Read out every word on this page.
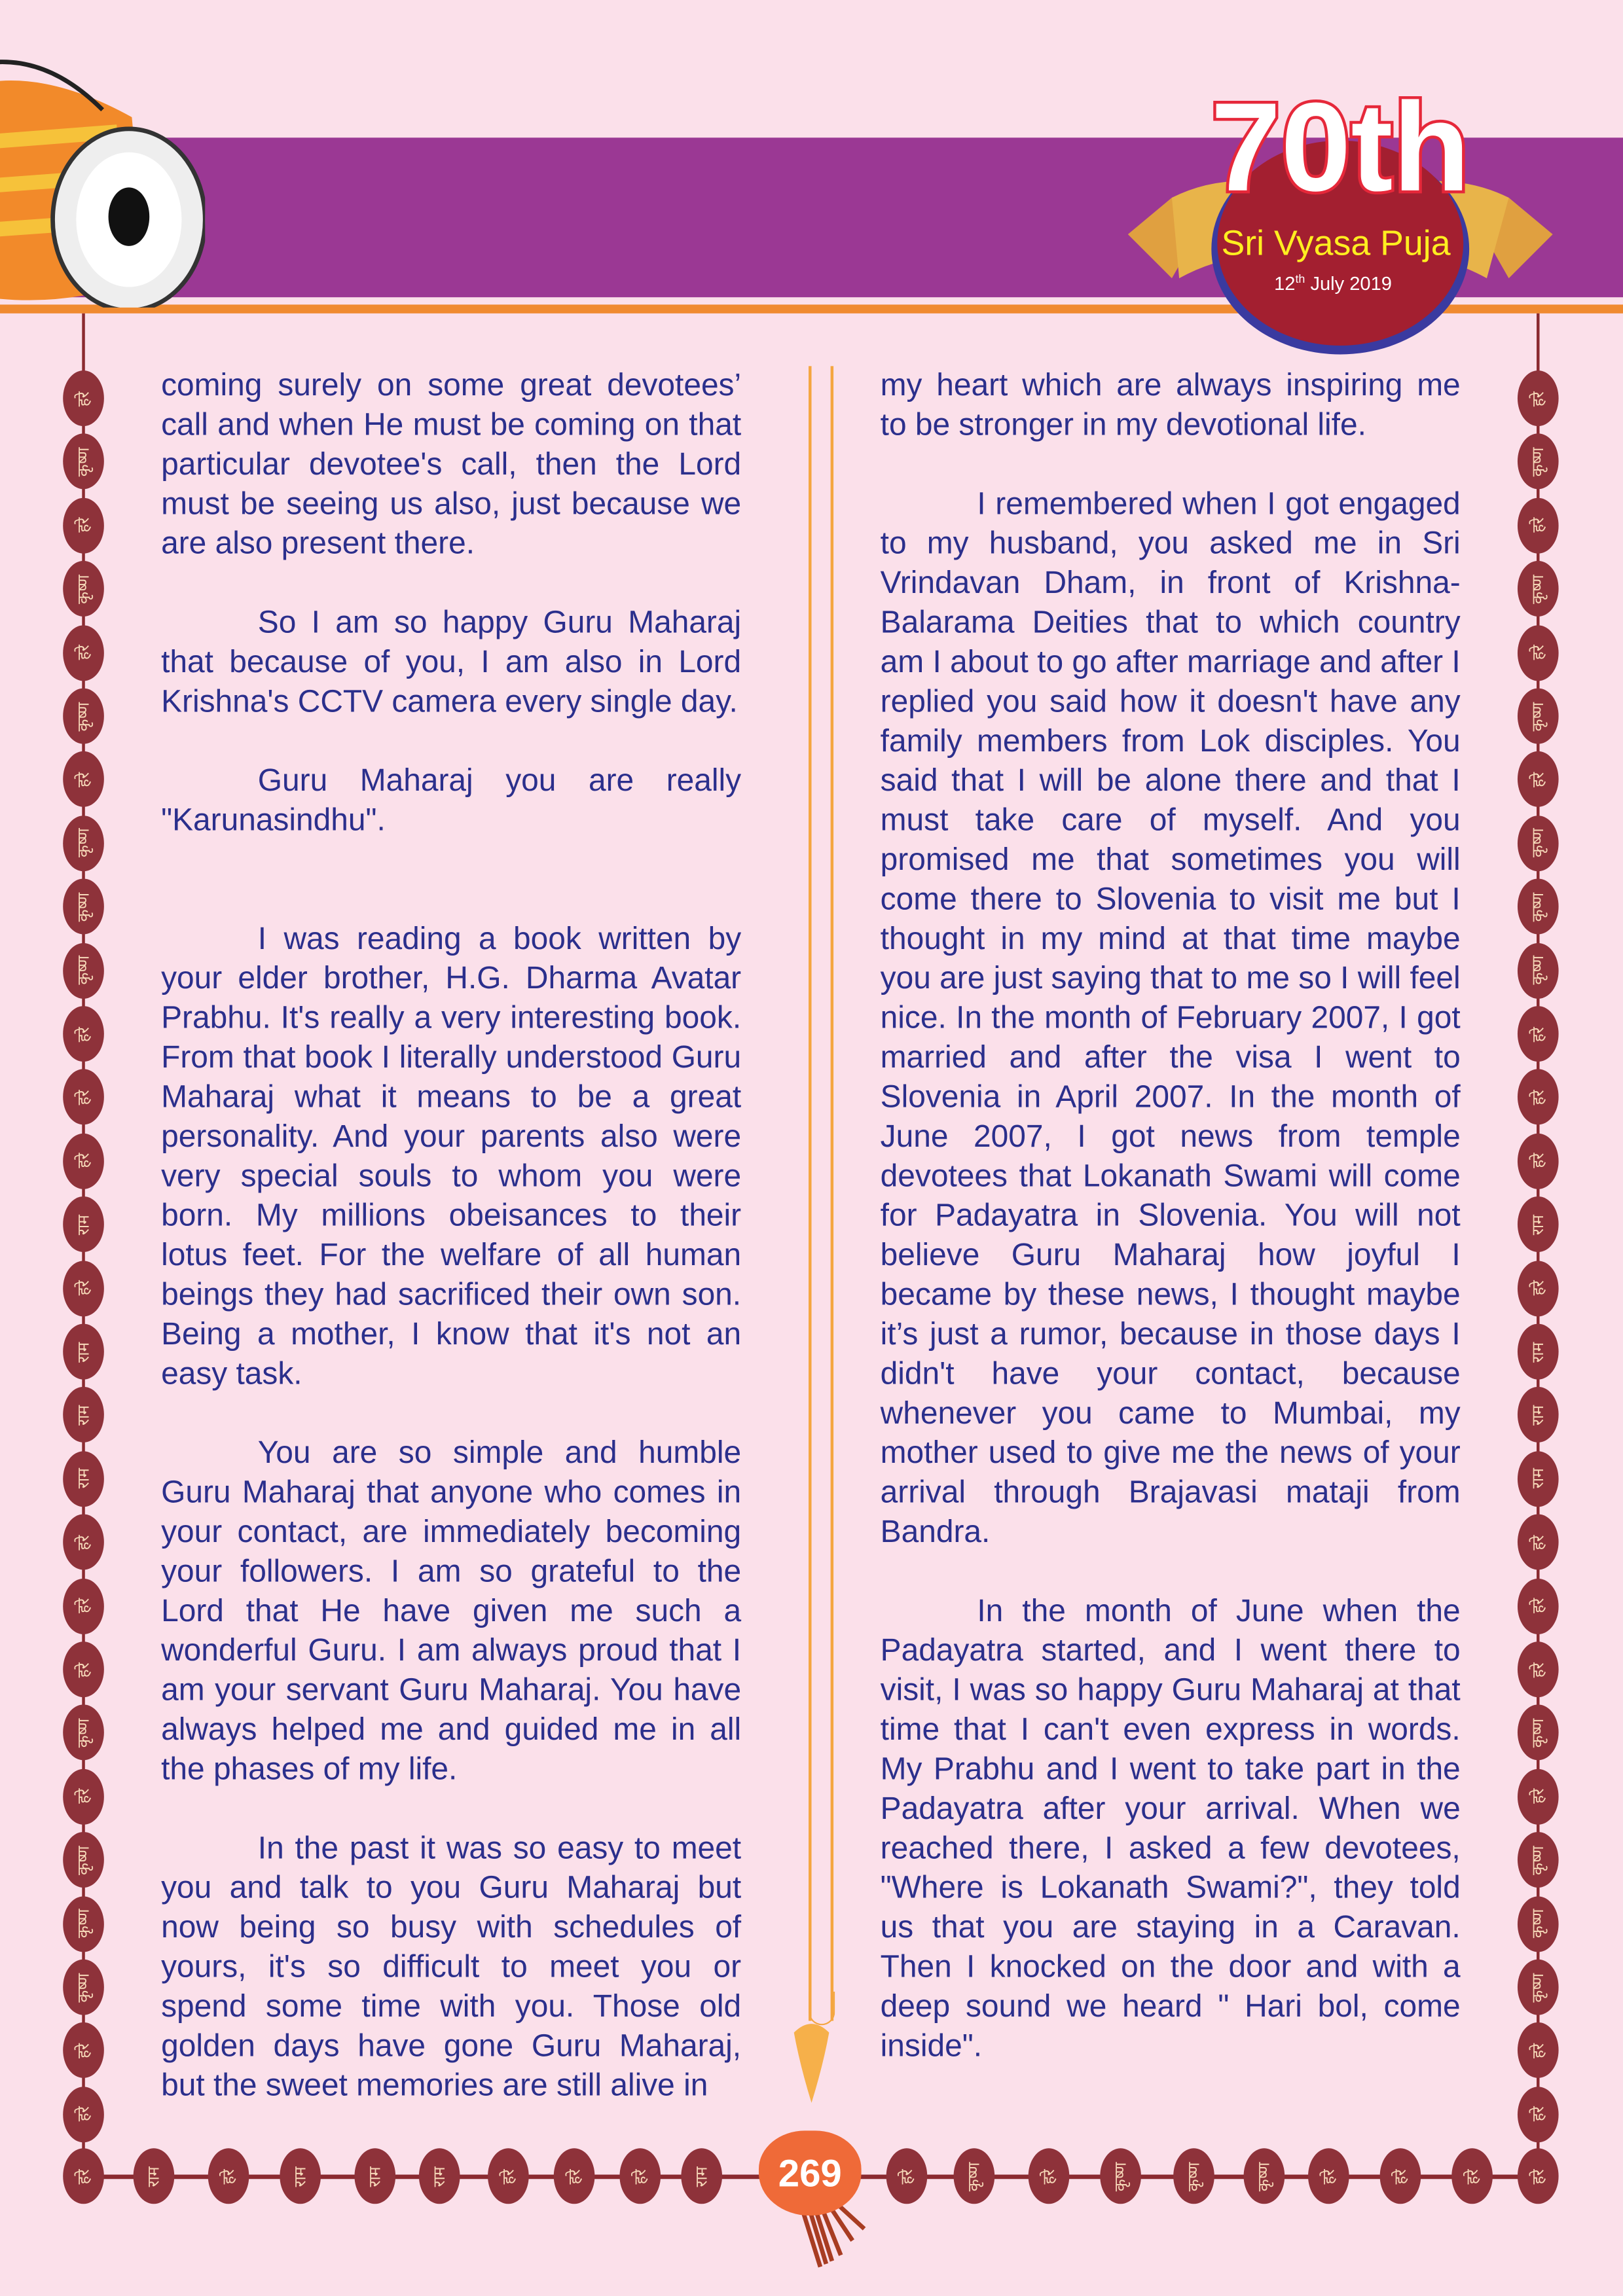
70th
Sri Vyasa Puja
12th July 2019

coming surely on some great devotees’ call and when He must be coming on that particular devotee's call, then the Lord must be seeing us also, just because we are also present there.

So I am so happy Guru Maharaj that because of you, I am also in Lord Krishna's CCTV camera every single day.

Guru Maharaj you are really "Karunasindhu".

I was reading a book written by your elder brother, H.G. Dharma Avatar Prabhu. It's really a very interesting book. From that book I literally understood Guru Maharaj what it means to be a great personality. And your parents also were very special souls to whom you were born. My millions obeisances to their lotus feet. For the welfare of all human beings they had sacrificed their own son. Being a mother, I know that it's not an easy task.

You are so simple and humble Guru Maharaj that anyone who comes in your contact, are immediately becoming your followers. I am so grateful to the Lord that He have given me such a wonderful Guru. I am always proud that I am your servant Guru Maharaj. You have always helped me and guided me in all the phases of my life.

In the past it was so easy to meet you and talk to you Guru Maharaj but now being so busy with schedules of yours, it's so difficult to meet you or spend some time with you. Those old golden days have gone Guru Maharaj, but the sweet memories are still alive in

my heart which are always inspiring me to be stronger in my devotional life.

I remembered when I got engaged to my husband, you asked me in Sri Vrindavan Dham, in front of Krishna-Balarama Deities that to which country am I about to go after marriage and after I replied you said how it doesn't have any family members from Lok disciples. You said that I will be alone there and that I must take care of myself. And you promised me that sometimes you will come there to Slovenia to visit me but I thought in my mind at that time maybe you are just saying that to me so I will feel nice. In the month of February 2007, I got married and after the visa I went to Slovenia in April 2007. In the month of June 2007, I got news from temple devotees that Lokanath Swami will come for Padayatra in Slovenia. You will not believe Guru Maharaj how joyful I became by these news, I thought maybe it’s just a rumor, because in those days I didn't have your contact, because whenever you came to Mumbai, my mother used to give me the news of your arrival through Brajavasi mataji from Bandra.

In the month of June when the Padayatra started, and I went there to visit, I was so happy Guru Maharaj at that time that I can't even express in words. My Prabhu and I went to take part in the Padayatra after your arrival. When we reached there, I asked a few devotees, "Where is Lokanath Swami?", they told us that you are staying in a Caravan. Then I knocked on the door and with a deep sound we heard " Hari bol, come inside".

हरे
कृष्ण
हरे
कृष्ण
हरे
कृष्ण
हरे
कृष्ण
कृष्ण
कृष्ण
हरे
हरे
हरे
राम
हरे
राम
राम
राम
हरे
हरे
हरे
कृष्ण
हरे
कृष्ण
कृष्ण
कृष्ण
हरे
हरे
हरे
कृष्ण
हरे
कृष्ण
हरे
कृष्ण
हरे
कृष्ण
कृष्ण
कृष्ण
हरे
हरे
हरे
राम
हरे
राम
राम
राम
हरे
हरे
हरे
कृष्ण
हरे
कृष्ण
कृष्ण
कृष्ण
हरे
हरे
हरे	राम	हरे	राम	राम	राम	हरे	हरे	हरे	राम	हरे	कृष्ण	हरे	कृष्ण	कृष्ण	कृष्ण	हरे	हरे	हरे	हरे
269
